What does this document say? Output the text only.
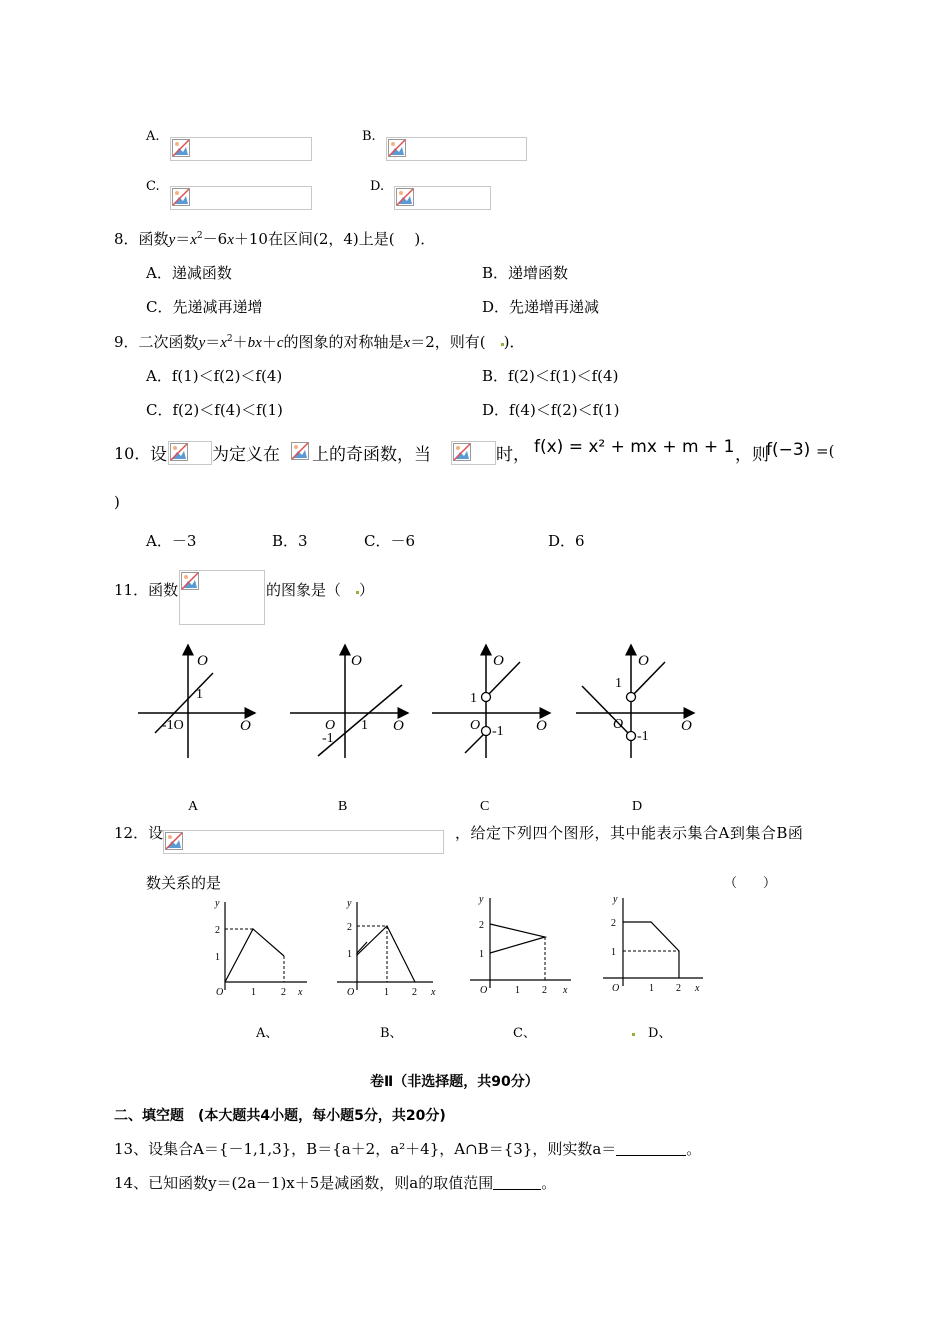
A.	B.
C.	D.
8．函数$y=x^2-6x+10$在区间(2，4)上是(　 )．
A．递减函数	B．递增函数
C．先递减再递增	D．先递增再递减
9．二次函数$y=x^2+bx+c$的图象的对称轴是x＝2，则有(　 )．
A．f(1)＜f(2)＜f(4)	B．f(2)＜f(1)＜f(4)
C．f(2)＜f(4)＜f(1)	D．f(4)＜f(2)＜f(1)
10． 设	为定义在 上的奇函数，当	时， f(x) = x² + mx + m + 1 ，则
f(−3) =(
)
A．－3	B．3	C．－6	D．6
11．函数	的图象是（　 ）
O
O
1
-1O
O
O
O 1
-1
O
O
1
O -1
O
O
1
O
-1
A	B	C	D
12．设	，给定下列四个图形，其中能表示集合A到集合B函
数关系的是	（　　）
y
2
1
O	1	2 x
y
2
1
O	1 2 x
y
2
1
O	1 2 x
y
2
1
O	1 2 x
A、	B、	C、
　	D、
卷Ⅱ（非选择题，共90分）
二、填空题　(本大题共4小题，每小题5分，共20分)
13、设集合A＝{－1,1,3}，B＝{a＋2，a²＋4}，A∩B＝{3}，则实数a＝	。
14、已知函数y＝(2a－1)x＋5是减函数，则a的取值范围	。
